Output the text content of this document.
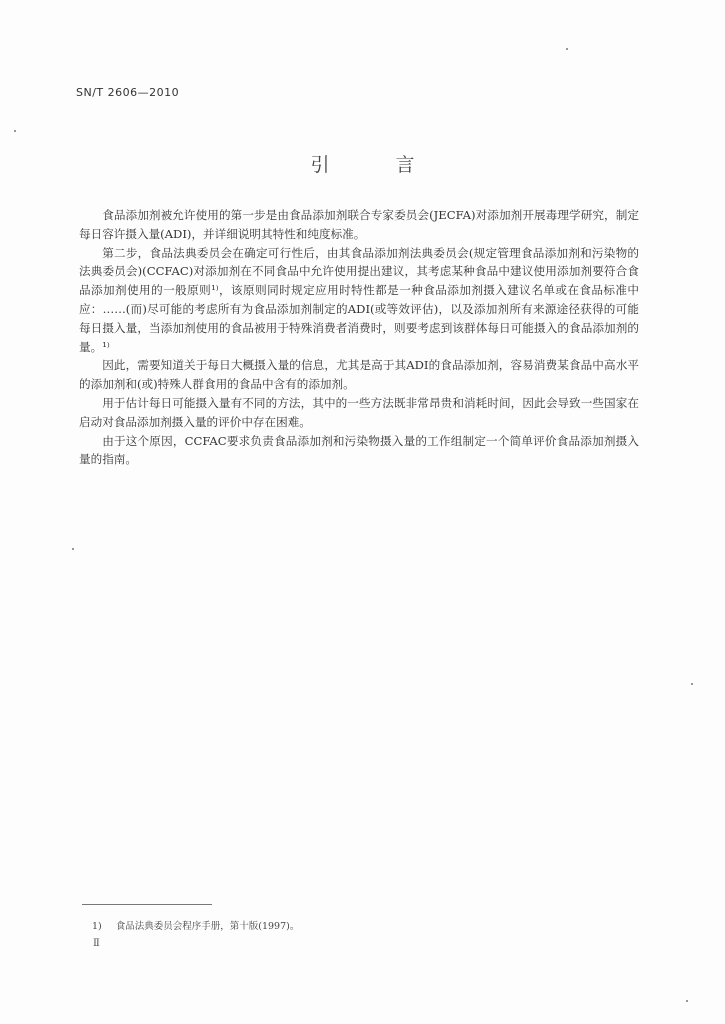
SN/T 2606—2010
引 言

食品添加剂被允许使用的第一步是由食品添加剂联合专家委员会(JECFA)对添加剂开展毒理学研究，制定每日容许摄入量(ADI)，并详细说明其特性和纯度标准。

第二步，食品法典委员会在确定可行性后，由其食品添加剂法典委员会(规定管理食品添加剂和污染物的法典委员会)(CCFAC)对添加剂在不同食品中允许使用提出建议，其考虑某种食品中建议使用添加剂要符合食品添加剂使用的一般原则¹⁾，该原则同时规定应用时特性都是一种食品添加剂摄入建议名单或在食品标准中应：……(而)尽可能的考虑所有为食品添加剂制定的ADI(或等效评估)，以及添加剂所有来源途径获得的可能每日摄入量，当添加剂使用的食品被用于特殊消费者消费时，则要考虑到该群体每日可能摄入的食品添加剂的量。¹⁾

因此，需要知道关于每日大概摄入量的信息，尤其是高于其ADI的食品添加剂，容易消费某食品中高水平的添加剂和(或)特殊人群食用的食品中含有的添加剂。

用于估计每日可能摄入量有不同的方法，其中的一些方法既非常昂贵和消耗时间，因此会导致一些国家在启动对食品添加剂摄入量的评价中存在困难。

由于这个原因，CCFAC要求负责食品添加剂和污染物摄入量的工作组制定一个简单评价食品添加剂摄入量的指南。

1) 食品法典委员会程序手册，第十版(1997)。
Ⅱ
